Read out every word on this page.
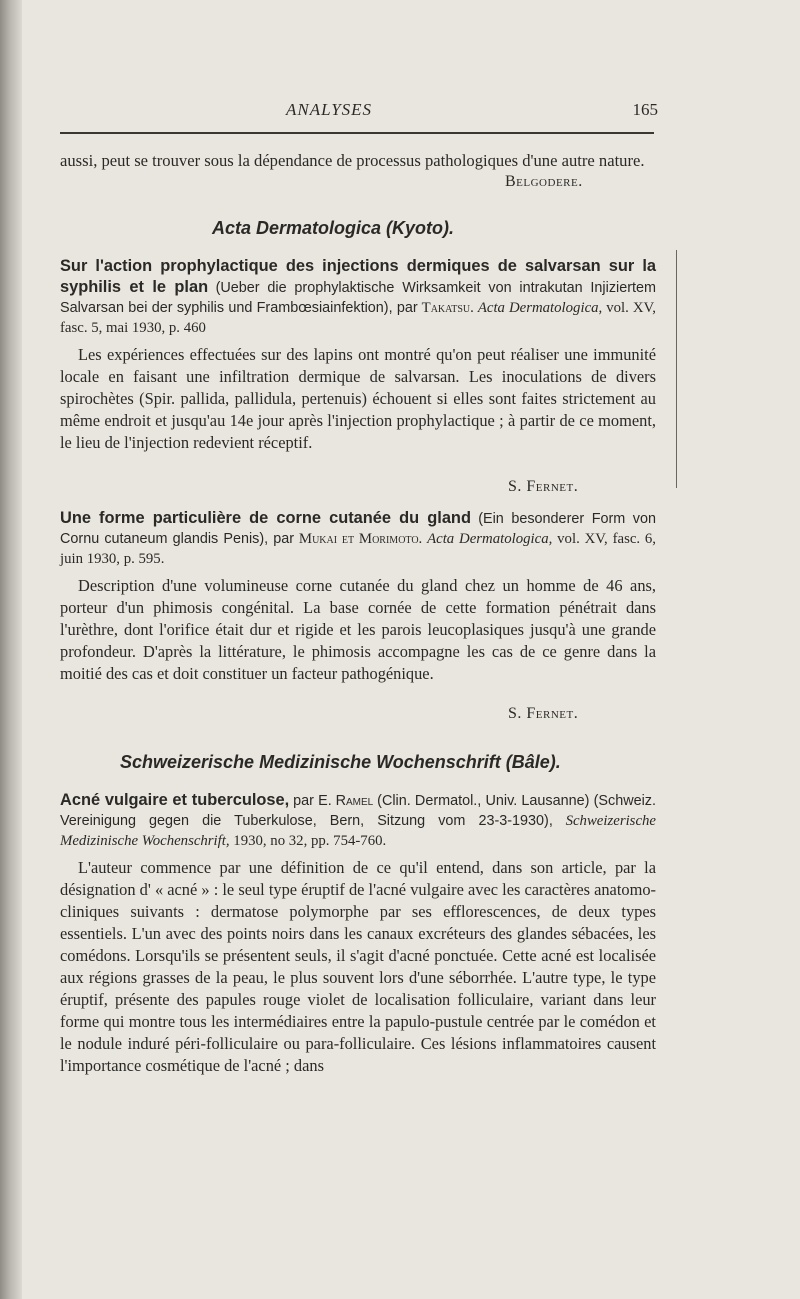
ANALYSES	165
aussi, peut se trouver sous la dépendance de processus pathologiques d'une autre nature.
Belgodere.
Acta Dermatologica (Kyoto).
Sur l'action prophylactique des injections dermiques de salvarsan sur la syphilis et le plan (Ueber die prophylaktische Wirksamkeit von intrakutan Injiziertem Salvarsan bei der syphilis und Frambœsiainfektion), par Takatsu. Acta Dermatologica, vol. XV, fasc. 5, mai 1930, p. 460
Les expériences effectuées sur des lapins ont montré qu'on peut réaliser une immunité locale en faisant une infiltration dermique de salvarsan. Les inoculations de divers spirochètes (Spir. pallida, pallidula, pertenuis) échouent si elles sont faites strictement au même endroit et jusqu'au 14e jour après l'injection prophylactique ; à partir de ce moment, le lieu de l'injection redevient réceptif.
S. Fernet.
Une forme particulière de corne cutanée du gland (Ein besonderer Form von Cornu cutaneum glandis Penis), par Mukai et Morimoto. Acta Dermatologica, vol. XV, fasc. 6, juin 1930, p. 595.
Description d'une volumineuse corne cutanée du gland chez un homme de 46 ans, porteur d'un phimosis congénital. La base cornée de cette formation pénétrait dans l'urèthre, dont l'orifice était dur et rigide et les parois leucoplasiques jusqu'à une grande profondeur. D'après la littérature, le phimosis accompagne les cas de ce genre dans la moitié des cas et doit constituer un facteur pathogénique.
S. Fernet.
Schweizerische Medizinische Wochenschrift (Bâle).
Acné vulgaire et tuberculose, par E. Ramel (Clin. Dermatol., Univ. Lausanne) (Schweiz. Vereinigung gegen die Tuberkulose, Bern, Sitzung vom 23-3-1930), Schweizerische Medizinische Wochenschrift, 1930, no 32, pp. 754-760.
L'auteur commence par une définition de ce qu'il entend, dans son article, par la désignation d' « acné » : le seul type éruptif de l'acné vulgaire avec les caractères anatomo-cliniques suivants : dermatose polymorphe par ses efflorescences, de deux types essentiels. L'un avec des points noirs dans les canaux excréteurs des glandes sébacées, les comédons. Lorsqu'ils se présentent seuls, il s'agit d'acné ponctuée. Cette acné est localisée aux régions grasses de la peau, le plus souvent lors d'une séborrhée. L'autre type, le type éruptif, présente des papules rouge violet de localisation folliculaire, variant dans leur forme qui montre tous les intermédiaires entre la papulo-pustule centrée par le comédon et le nodule induré péri-folliculaire ou para-folliculaire. Ces lésions inflammatoires causent l'importance cosmétique de l'acné ; dans
